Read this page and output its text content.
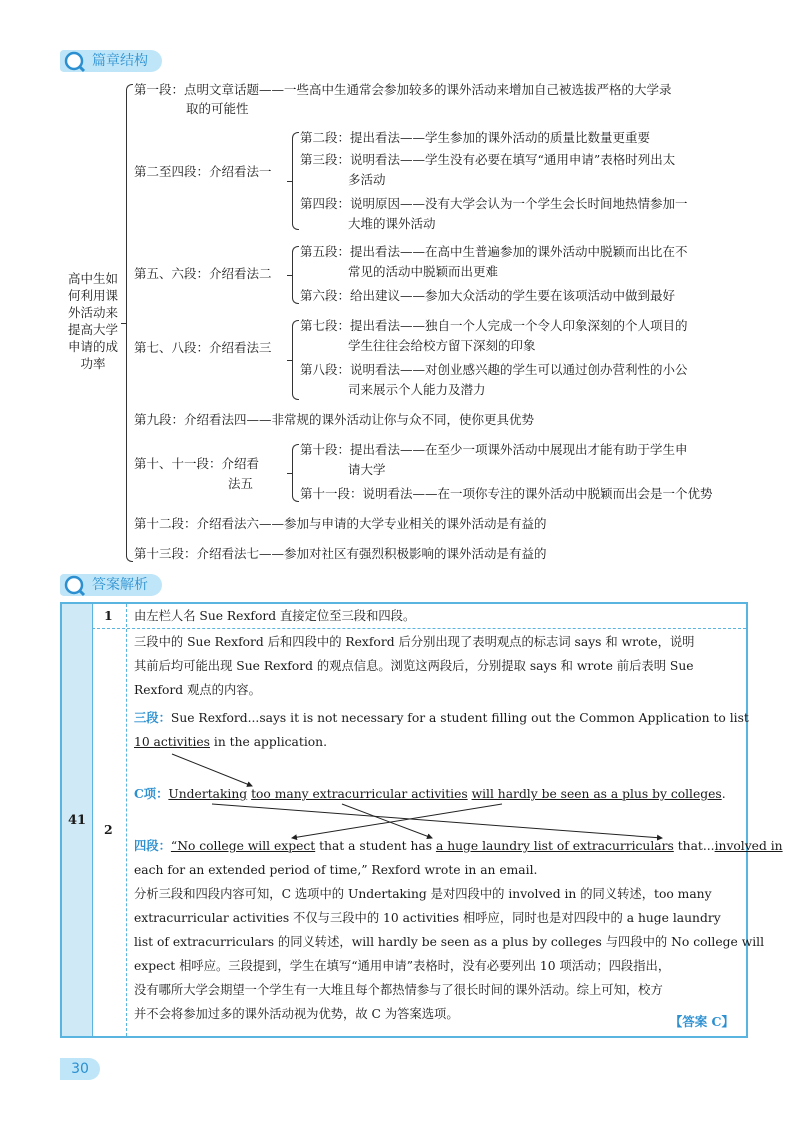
篇章结构
高中生如何利用课外活动来提高大学申请的成功率
第一段：点明文章话题——一些高中生通常会参加较多的课外活动来增加自己被选拔严格的大学录
取的可能性
第二至四段：介绍看法一
第二段：提出看法——学生参加的课外活动的质量比数量更重要
第三段：说明看法——学生没有必要在填写“通用申请”表格时列出太
多活动
第四段：说明原因——没有大学会认为一个学生会长时间地热情参加一
大堆的课外活动
第五、六段：介绍看法二
第五段：提出看法——在高中生普遍参加的课外活动中脱颖而出比在不
常见的活动中脱颖而出更难
第六段：给出建议——参加大众活动的学生要在该项活动中做到最好
第七、八段：介绍看法三
第七段：提出看法——独自一个人完成一个令人印象深刻的个人项目的
学生往往会给校方留下深刻的印象
第八段：说明看法——对创业感兴趣的学生可以通过创办营利性的小公
司来展示个人能力及潜力
第九段：介绍看法四——非常规的课外活动让你与众不同，使你更具优势
第十、十一段：介绍看
法五
第十段：提出看法——在至少一项课外活动中展现出才能有助于学生申
请大学
第十一段：说明看法——在一项你专注的课外活动中脱颖而出会是一个优势
第十二段：介绍看法六——参加与申请的大学专业相关的课外活动是有益的
第十三段：介绍看法七——参加对社区有强烈积极影响的课外活动是有益的
答案解析
41
1 由左栏人名 Sue Rexford 直接定位至三段和四段。
2
三段中的 Sue Rexford 后和四段中的 Rexford 后分别出现了表明观点的标志词 says 和 wrote，说明
其前后均可能出现 Sue Rexford 的观点信息。浏览这两段后，分别提取 says 和 wrote 前后表明 Sue
Rexford 观点的内容。
三段：Sue Rexford...says it is not necessary for a student filling out the Common Application to list
10 activities in the application.
C项：Undertaking too many extracurricular activities will hardly be seen as a plus by colleges.
四段：“No college will expect that a student has a huge laundry list of extracurriculars that...involved in
each for an extended period of time,” Rexford wrote in an email.
分析三段和四段内容可知，C 选项中的 Undertaking 是对四段中的 involved in 的同义转述，too many
extracurricular activities 不仅与三段中的 10 activities 相呼应，同时也是对四段中的 a huge laundry
list of extracurriculars 的同义转述，will hardly be seen as a plus by colleges 与四段中的 No college will
expect 相呼应。三段提到，学生在填写“通用申请”表格时，没有必要列出 10 项活动；四段指出，
没有哪所大学会期望一个学生有一大堆且每个都热情参与了很长时间的课外活动。综上可知，校方
并不会将参加过多的课外活动视为优势，故 C 为答案选项。	【答案 C】
30
